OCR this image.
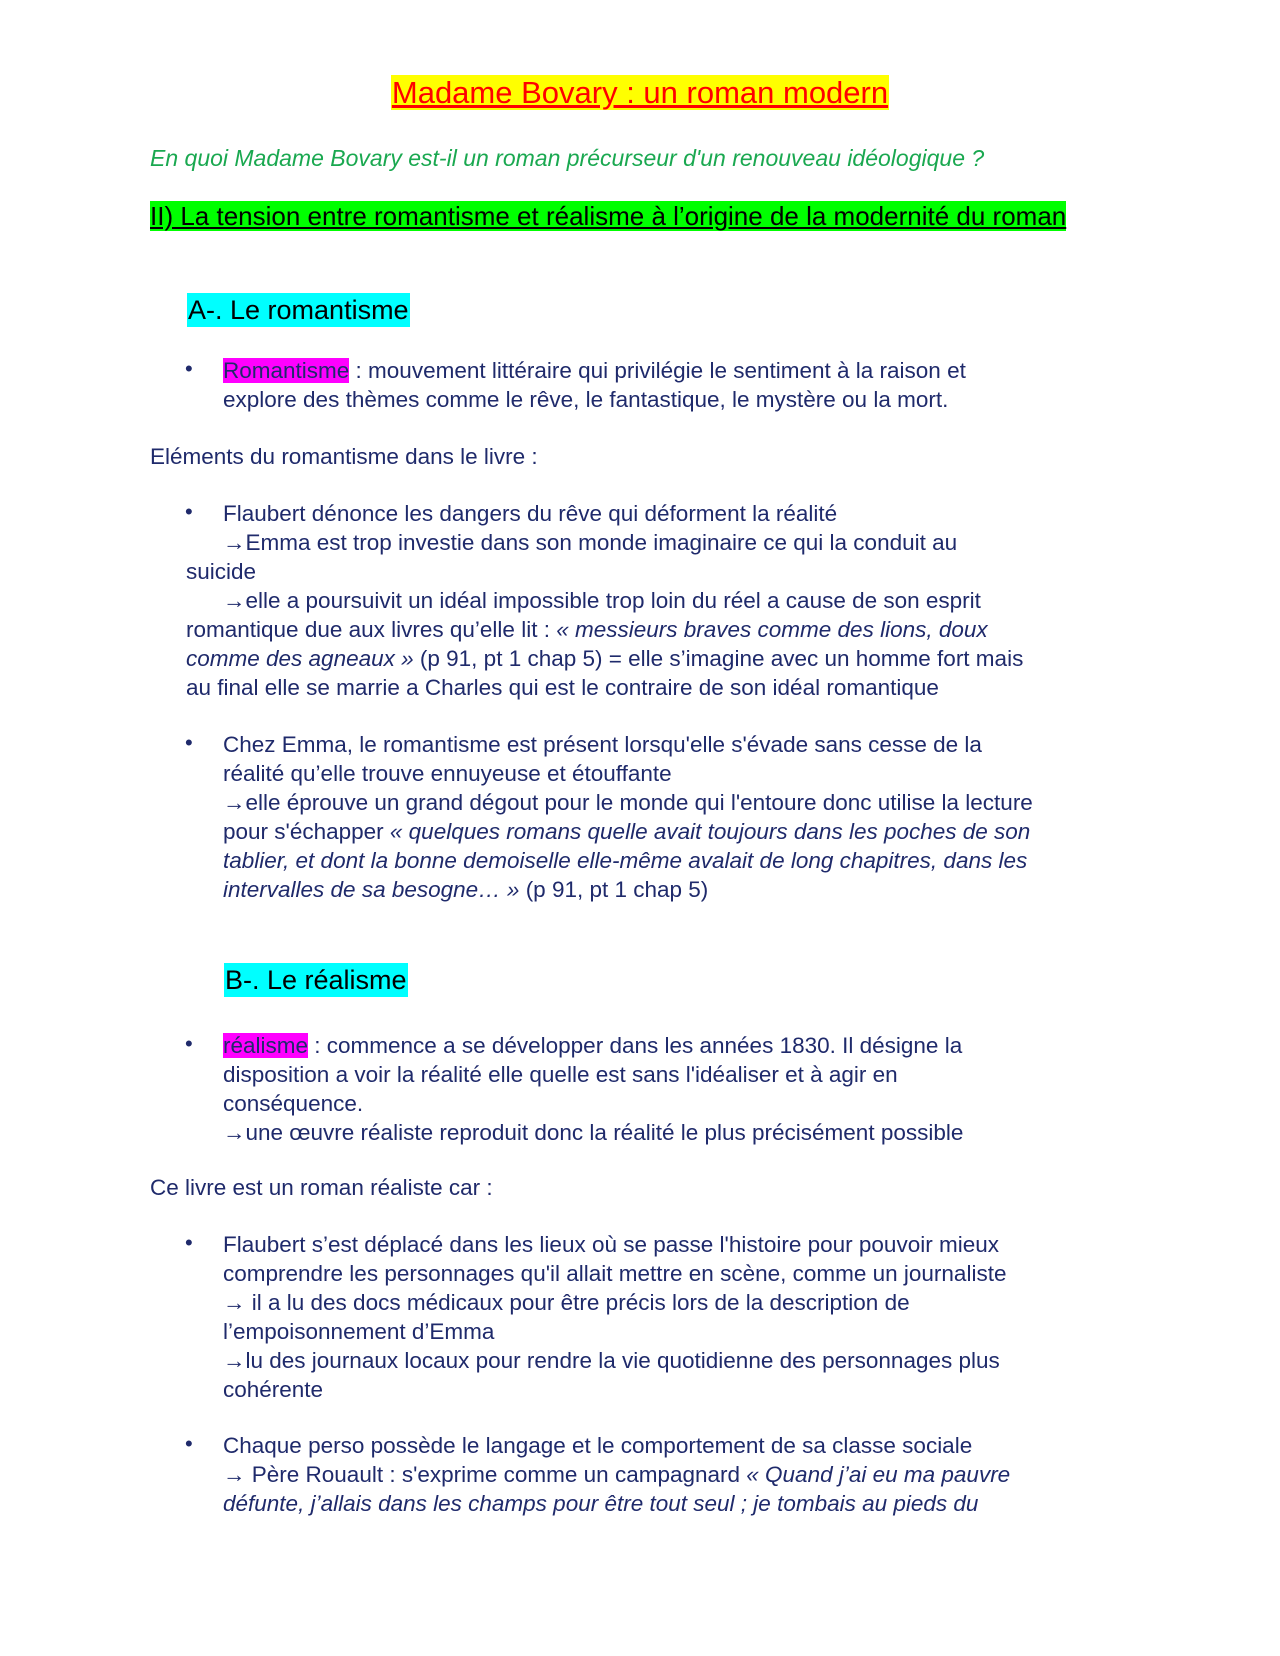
Madame Bovary : un roman modern
En quoi Madame Bovary est-il un roman précurseur d'un renouveau idéologique ?
II) La tension entre romantisme et réalisme à l’origine de la modernité du roman
A-. Le romantisme
• Romantisme : mouvement littéraire qui privilégie le sentiment à la raison et
explore des thèmes comme le rêve, le fantastique, le mystère ou la mort.
Eléments du romantisme dans le livre :
• Flaubert dénonce les dangers du rêve qui déforment la réalité
→Emma est trop investie dans son monde imaginaire ce qui la conduit au
suicide
→elle a poursuivit un idéal impossible trop loin du réel a cause de son esprit
romantique due aux livres qu’elle lit : « messieurs braves comme des lions, doux
comme des agneaux » (p 91, pt 1 chap 5) = elle s’imagine avec un homme fort mais
au final elle se marrie a Charles qui est le contraire de son idéal romantique
• Chez Emma, le romantisme est présent lorsqu'elle s'évade sans cesse de la
réalité qu’elle trouve ennuyeuse et étouffante
→elle éprouve un grand dégout pour le monde qui l'entoure donc utilise la lecture
pour s'échapper « quelques romans quelle avait toujours dans les poches de son
tablier, et dont la bonne demoiselle elle-même avalait de long chapitres, dans les
intervalles de sa besogne… » (p 91, pt 1 chap 5)
B-. Le réalisme
• réalisme : commence a se développer dans les années 1830. Il désigne la
disposition a voir la réalité elle quelle est sans l'idéaliser et à agir en
conséquence.
→une œuvre réaliste reproduit donc la réalité le plus précisément possible
Ce livre est un roman réaliste car :
• Flaubert s’est déplacé dans les lieux où se passe l'histoire pour pouvoir mieux
comprendre les personnages qu'il allait mettre en scène, comme un journaliste
→ il a lu des docs médicaux pour être précis lors de la description de
l’empoisonnement d’Emma
→lu des journaux locaux pour rendre la vie quotidienne des personnages plus
cohérente
• Chaque perso possède le langage et le comportement de sa classe sociale
→ Père Rouault : s'exprime comme un campagnard « Quand j’ai eu ma pauvre
défunte, j’allais dans les champs pour être tout seul ; je tombais au pieds du
